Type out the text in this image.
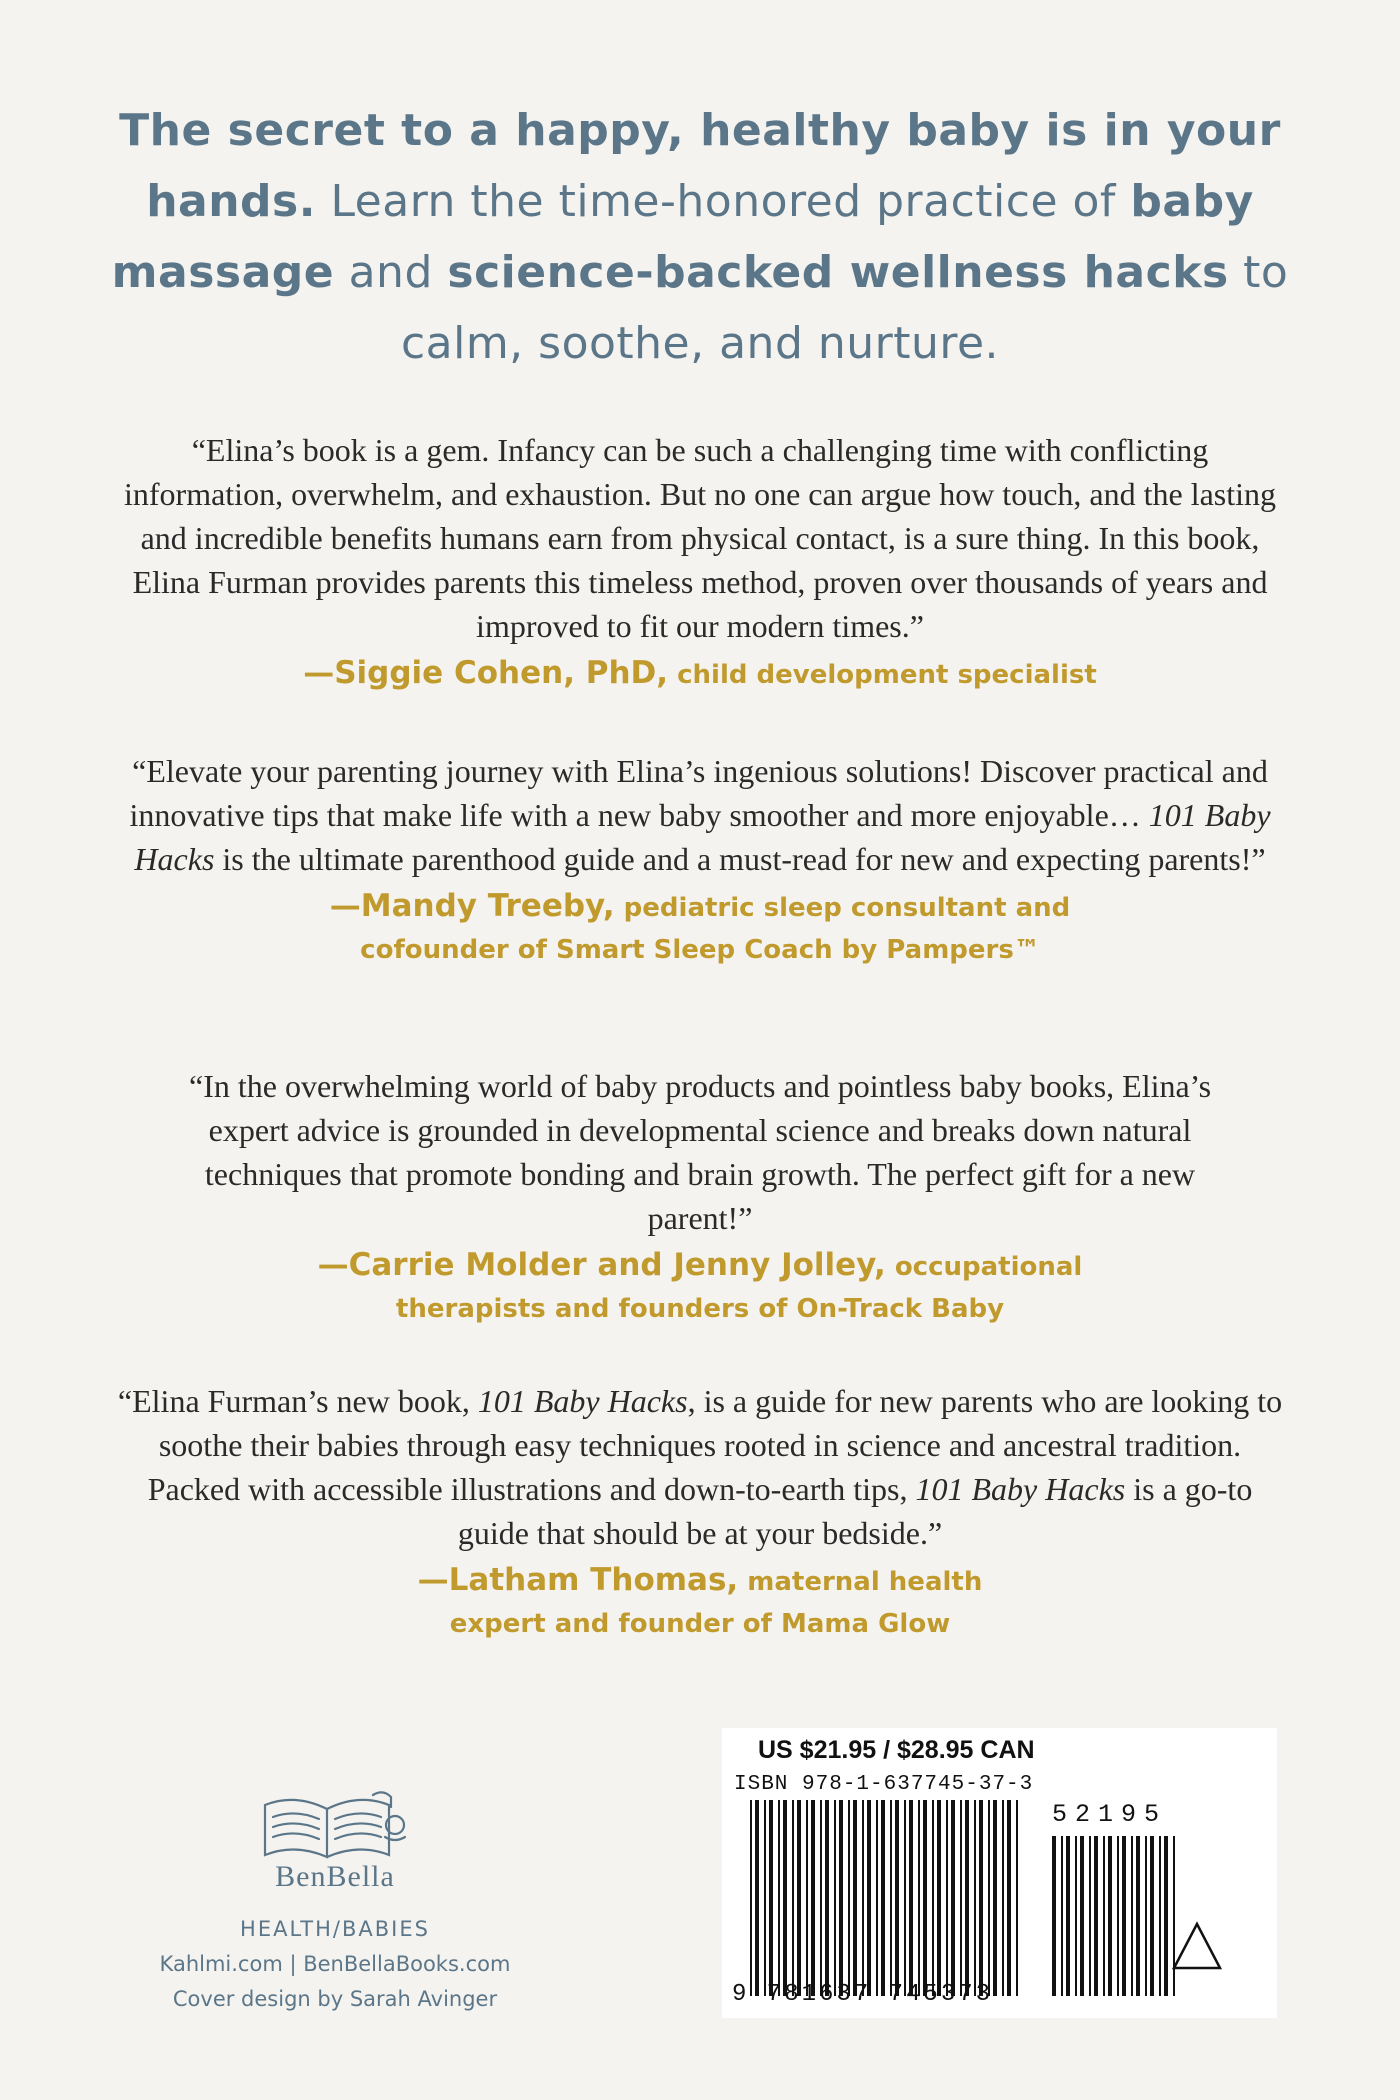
The secret to a happy, healthy baby is in your hands. Learn the time-honored practice of baby massage and science-backed wellness hacks to calm, soothe, and nurture.

“Elina’s book is a gem. Infancy can be such a challenging time with conflicting information, overwhelm, and exhaustion. But no one can argue how touch, and the lasting and incredible benefits humans earn from physical contact, is a sure thing. In this book, Elina Furman provides parents this timeless method, proven over thousands of years and improved to fit our modern times.”

—Siggie Cohen, PhD, child development specialist

“Elevate your parenting journey with Elina’s ingenious solutions! Discover practical and innovative tips that make life with a new baby smoother and more enjoyable… 101 Baby Hacks is the ultimate parenthood guide and a must-read for new and expecting parents!”

—Mandy Treeby, pediatric sleep consultant and cofounder of Smart Sleep Coach by Pampers™

“In the overwhelming world of baby products and pointless baby books, Elina’s expert advice is grounded in developmental science and breaks down natural techniques that promote bonding and brain growth. The perfect gift for a new parent!”

—Carrie Molder and Jenny Jolley, occupational therapists and founders of On-Track Baby

“Elina Furman’s new book, 101 Baby Hacks, is a guide for new parents who are looking to soothe their babies through easy techniques rooted in science and ancestral tradition. Packed with accessible illustrations and down-to-earth tips, 101 Baby Hacks is a go-to guide that should be at your bedside.”

—Latham Thomas, maternal health expert and founder of Mama Glow
BenBella
HEALTH/BABIES
Kahlmi.com | BenBellaBooks.com
Cover design by Sarah Avinger
US $21.95 / $28.95 CAN
ISBN 978-1-637745-37-3
52195
9 781637 745373
